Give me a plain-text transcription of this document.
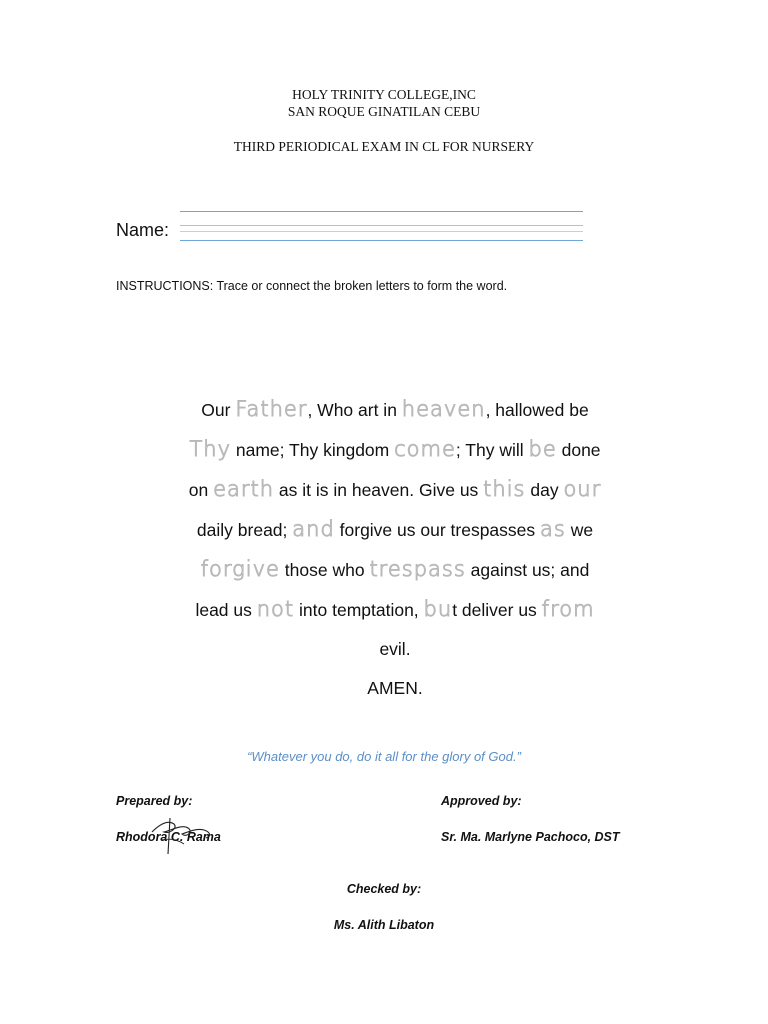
HOLY TRINITY COLLEGE,INC
SAN ROQUE GINATILAN CEBU
THIRD PERIODICAL EXAM IN CL FOR NURSERY
Name:
INSTRUCTIONS: Trace or connect the broken letters to form the word.
Our Father, Who art in heaven, hallowed be
Thy name; Thy kingdom come; Thy will be done
on earth as it is in heaven. Give us this day our
daily bread; and forgive us our trespasses as we
forgive those who trespass against us; and
lead us not into temptation, but deliver us from
evil.
AMEN.
“Whatever you do, do it all for the glory of God.”
Prepared by:
Rhodora C. Rama
Approved by:
Sr. Ma. Marlyne Pachoco, DST
Checked by:
Ms. Alith Libaton
